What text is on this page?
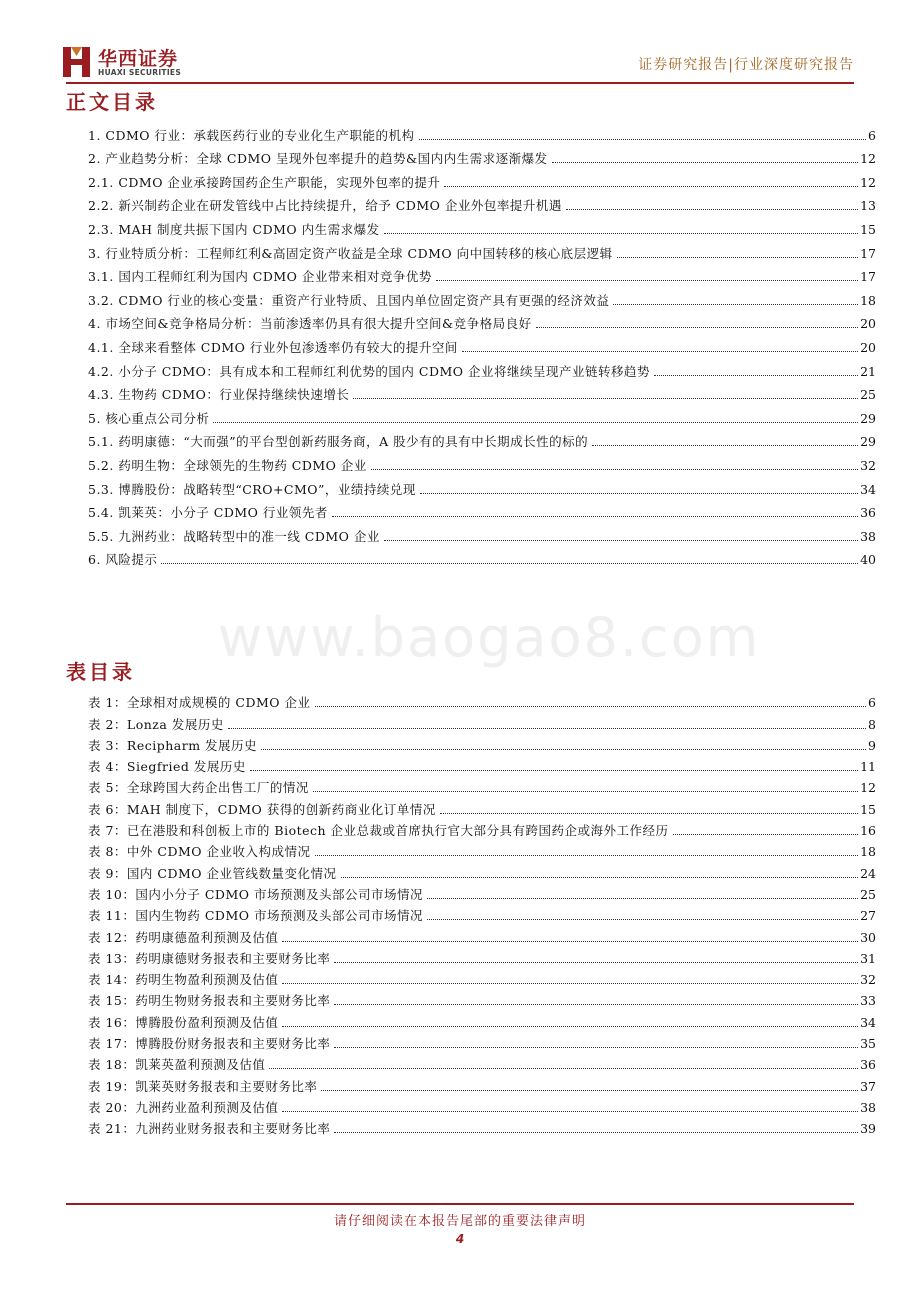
华西证券
HUAXI SECURITIES	证券研究报告|行业深度研究报告
正文目录
1. CDMO 行业：承载医药行业的专业化生产职能的机构	6
2. 产业趋势分析：全球 CDMO 呈现外包率提升的趋势&国内内生需求逐渐爆发	12
2.1. CDMO 企业承接跨国药企生产职能，实现外包率的提升	12
2.2. 新兴制药企业在研发管线中占比持续提升，给予 CDMO 企业外包率提升机遇	13
2.3. MAH 制度共振下国内 CDMO 内生需求爆发	15
3. 行业特质分析：工程师红利&高固定资产收益是全球 CDMO 向中国转移的核心底层逻辑	17
3.1. 国内工程师红利为国内 CDMO 企业带来相对竞争优势	17
3.2. CDMO 行业的核心变量：重资产行业特质、且国内单位固定资产具有更强的经济效益	18
4. 市场空间&竞争格局分析：当前渗透率仍具有很大提升空间&竞争格局良好	20
4.1. 全球来看整体 CDMO 行业外包渗透率仍有较大的提升空间	20
4.2. 小分子 CDMO：具有成本和工程师红利优势的国内 CDMO 企业将继续呈现产业链转移趋势	21
4.3. 生物药 CDMO：行业保持继续快速增长	25
5. 核心重点公司分析	29
5.1. 药明康德：“大而强”的平台型创新药服务商，A 股少有的具有中长期成长性的标的	29
5.2. 药明生物：全球领先的生物药 CDMO 企业	32
5.3. 博腾股份：战略转型“CRO+CMO”，业绩持续兑现	34
5.4. 凯莱英：小分子 CDMO 行业领先者	36
5.5. 九洲药业：战略转型中的准一线 CDMO 企业	38
6. 风险提示	40
www.baogao8.com
表目录
表 1：全球相对成规模的 CDMO 企业	6
表 2：Lonza 发展历史	8
表 3：Recipharm 发展历史	9
表 4：Siegfried 发展历史	11
表 5：全球跨国大药企出售工厂的情况	12
表 6：MAH 制度下，CDMO 获得的创新药商业化订单情况	15
表 7：已在港股和科创板上市的 Biotech 企业总裁或首席执行官大部分具有跨国药企或海外工作经历	16
表 8：中外 CDMO 企业收入构成情况	18
表 9：国内 CDMO 企业管线数量变化情况	24
表 10：国内小分子 CDMO 市场预测及头部公司市场情况	25
表 11：国内生物药 CDMO 市场预测及头部公司市场情况	27
表 12：药明康德盈利预测及估值	30
表 13：药明康德财务报表和主要财务比率	31
表 14：药明生物盈利预测及估值	32
表 15：药明生物财务报表和主要财务比率	33
表 16：博腾股份盈利预测及估值	34
表 17：博腾股份财务报表和主要财务比率	35
表 18：凯莱英盈利预测及估值	36
表 19：凯莱英财务报表和主要财务比率	37
表 20：九洲药业盈利预测及估值	38
表 21：九洲药业财务报表和主要财务比率	39
请仔细阅读在本报告尾部的重要法律声明
4
